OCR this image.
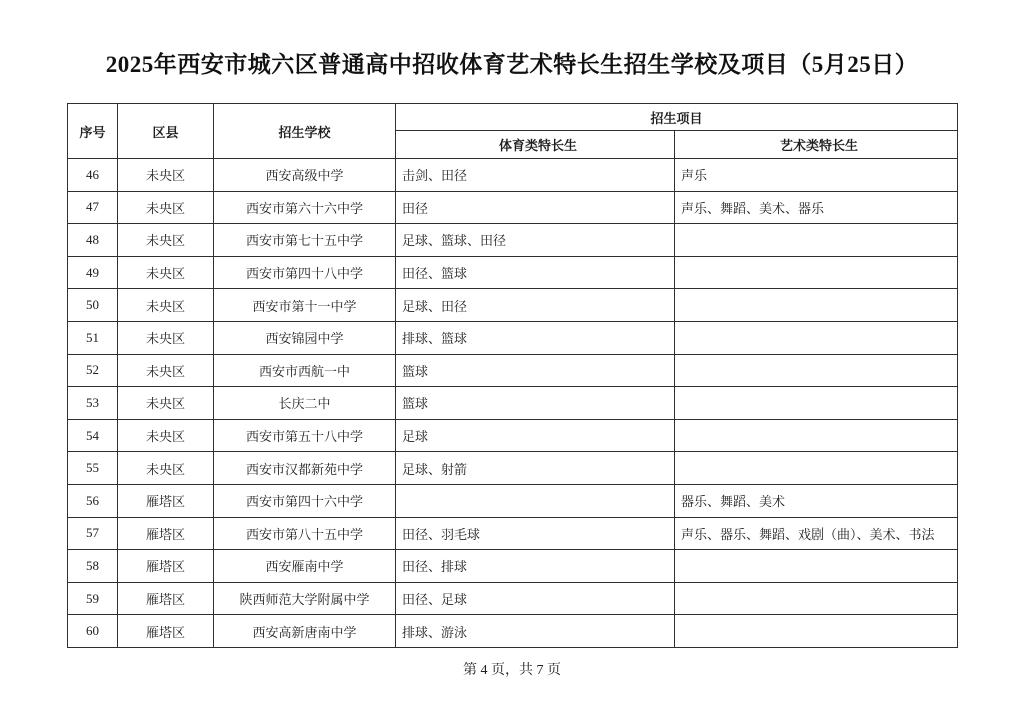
2025年西安市城六区普通高中招收体育艺术特长生招生学校及项目（5月25日）
序号	区县	招生学校	招生项目	
			体育类特长生	艺术类特长生
46	未央区	西安高级中学	击剑、田径	声乐
47	未央区	西安市第六十六中学	田径	声乐、舞蹈、美术、器乐
48	未央区	西安市第七十五中学	足球、篮球、田径	
49	未央区	西安市第四十八中学	田径、篮球	
50	未央区	西安市第十一中学	足球、田径	
51	未央区	西安锦园中学	排球、篮球	
52	未央区	西安市西航一中	篮球	
53	未央区	长庆二中	篮球	
54	未央区	西安市第五十八中学	足球	
55	未央区	西安市汉都新苑中学	足球、射箭	
56	雁塔区	西安市第四十六中学		器乐、舞蹈、美术
57	雁塔区	西安市第八十五中学	田径、羽毛球	声乐、器乐、舞蹈、戏剧（曲）、美术、书法
58	雁塔区	西安雁南中学	田径、排球	
59	雁塔区	陕西师范大学附属中学	田径、足球	
60	雁塔区	西安高新唐南中学	排球、游泳	
第 4 页，共 7 页
